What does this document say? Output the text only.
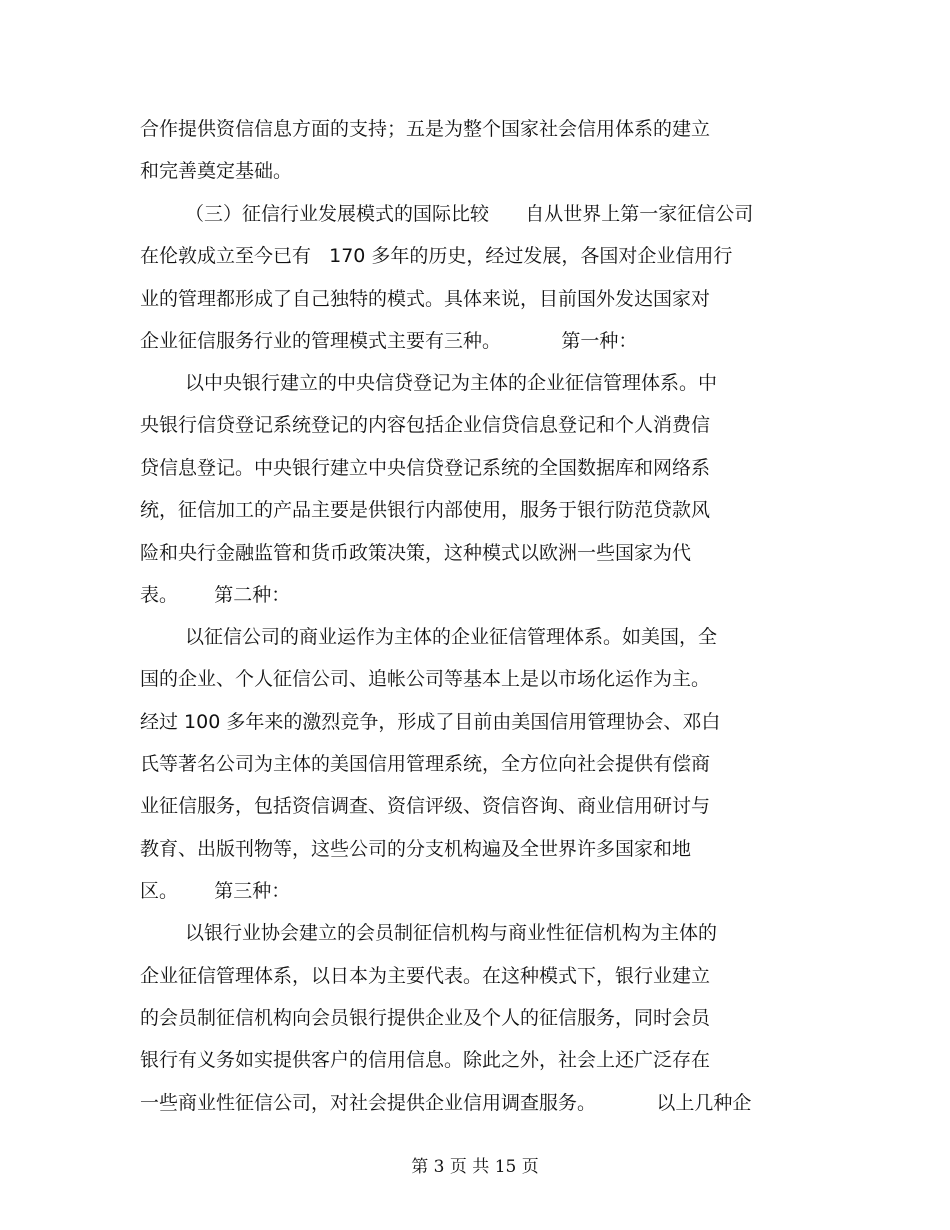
合作提供资信信息方面的支持；五是为整个国家社会信用体系的建立
和完善奠定基础。
（三）征信行业发展模式的国际比较      自从世界上第一家征信公司
在伦敦成立至今已有   170 多年的历史，经过发展，各国对企业信用行
业的管理都形成了自己独特的模式。具体来说，目前国外发达国家对
企业征信服务行业的管理模式主要有三种。          第一种：
以中央银行建立的中央信贷登记为主体的企业征信管理体系。中
央银行信贷登记系统登记的内容包括企业信贷信息登记和个人消费信
贷信息登记。中央银行建立中央信贷登记系统的全国数据库和网络系
统，征信加工的产品主要是供银行内部使用，服务于银行防范贷款风
险和央行金融监管和货币政策决策，这种模式以欧洲一些国家为代
表。      第二种：
以征信公司的商业运作为主体的企业征信管理体系。如美国，全
国的企业、个人征信公司、追帐公司等基本上是以市场化运作为主。
经过 100 多年来的激烈竞争，形成了目前由美国信用管理协会、邓白
氏等著名公司为主体的美国信用管理系统，全方位向社会提供有偿商
业征信服务，包括资信调查、资信评级、资信咨询、商业信用研讨与
教育、出版刊物等，这些公司的分支机构遍及全世界许多国家和地
区。      第三种：
以银行业协会建立的会员制征信机构与商业性征信机构为主体的
企业征信管理体系，以日本为主要代表。在这种模式下，银行业建立
的会员制征信机构向会员银行提供企业及个人的征信服务，同时会员
银行有义务如实提供客户的信用信息。除此之外，社会上还广泛存在
一些商业性征信公司，对社会提供企业信用调查服务。          以上几种企
第 3 页 共 15 页
